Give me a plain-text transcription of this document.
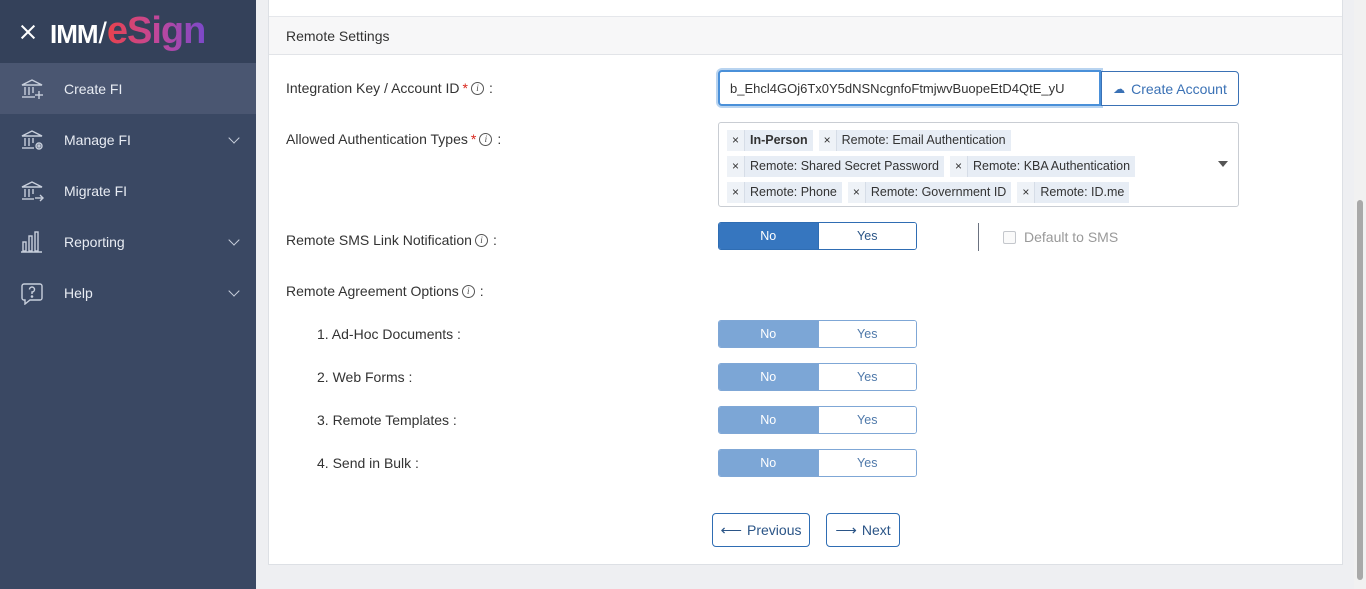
IMM / eSign
Create FI
Manage FI
Migrate FI
Reporting
Help
Remote Settings
Integration Key / Account ID * i :
b_Ehcl4GOj6Tx0Y5dNSNcgnfoFtmjwvBuopeEtD4QtE_yU	☁ Create Account
Allowed Authentication Types * i :	× In-Person	× Remote: Email Authentication
× Remote: Shared Secret Password	× Remote: KBA Authentication
× Remote: Phone	× Remote: Government ID	× Remote: ID.me
Remote SMS Link Notification i :	No	Yes	Default to SMS
Remote Agreement Options i :
1. Ad-Hoc Documents :	No	Yes
2. Web Forms :	No	Yes
3. Remote Templates :	No	Yes
4. Send in Bulk :	No	Yes
⟵ Previous ⟶ Next
